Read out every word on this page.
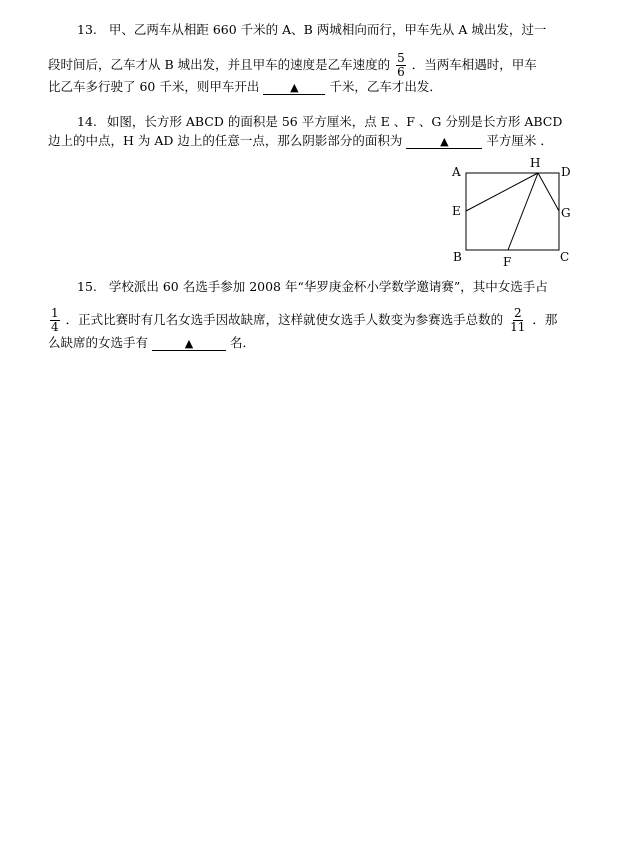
13. 甲、乙两车从相距 660 千米的 A、B 两城相向而行，甲车先从 A 城出发，过一
段时间后，乙车才从 B 城出发，并且甲车的速度是乙车速度的 $\frac{5}{6}$ ．当两车相遇时，甲车
比乙车多行驶了 60 千米，则甲车开出	▲ 千米，乙车才出发．
14. 如图，长方形 ABCD 的面积是 56 平方厘米，点 E 、F 、G 分别是长方形 ABCD
边上的中点，H 为 AD 边上的任意一点，那么阴影部分的面积为	▲	平方厘米 ．
A
H
D
E	G
B	F	C
15. 学校派出 60 名选手参加 2008 年“华罗庚金杯小学数学邀请赛”，其中女选手占
$\frac{1}{4}$ ．正式比赛时有几名女选手因故缺席，这样就使女选手人数变为参赛选手总数的 $\frac{2}{11}$ ．那
么缺席的女选手有	▲	名．
